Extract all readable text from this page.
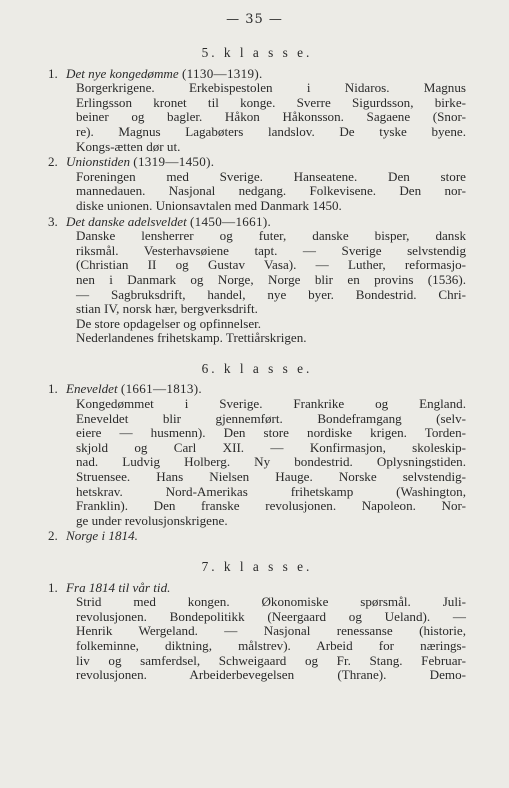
— 35 —
5. k l a s s e.
1. Det nye kongedømme (1130—1319).
Borgerkrigene. Erkebispestolen i Nidaros. Magnus
Erlingsson kronet til konge. Sverre Sigurdsson, birke-
beiner og bagler. Håkon Håkonsson. Sagaene (Snor-
re). Magnus Lagabøters landslov. De tyske byene.
Kongs-ætten dør ut.
2. Unionstiden (1319—1450).
Foreningen med Sverige. Hanseatene. Den store
mannedauen. Nasjonal nedgang. Folkevisene. Den nor-
diske unionen. Unionsavtalen med Danmark 1450.
3. Det danske adelsveldet (1450—1661).
Danske lensherrer og futer, danske bisper, dansk
riksmål. Vesterhavsøiene tapt. — Sverige selvstendig
(Christian II og Gustav Vasa). — Luther, reformasjo-
nen i Danmark og Norge, Norge blir en provins (1536).
— Sagbruksdrift, handel, nye byer. Bondestrid. Chri-
stian IV, norsk hær, bergverksdrift.
De store opdagelser og opfinnelser.
Nederlandenes frihetskamp. Trettiårskrigen.
6. k l a s s e.
1. Eneveldet (1661—1813).
Kongedømmet i Sverige. Frankrike og England.
Eneveldet blir gjennemført. Bondeframgang (selv-
eiere — husmenn). Den store nordiske krigen. Torden-
skjold og Carl XII. — Konfirmasjon, skoleskip-
nad. Ludvig Holberg. Ny bondestrid. Oplysningstiden.
Struensee. Hans Nielsen Hauge. Norske selvstendig-
hetskrav. Nord-Amerikas frihetskamp (Washington,
Franklin). Den franske revolusjonen. Napoleon. Nor-
ge under revolusjonskrigene.
2. Norge i 1814.
7. k l a s s e.
1. Fra 1814 til vår tid.
Strid med kongen. Økonomiske spørsmål. Juli-
revolusjonen. Bondepolitikk (Neergaard og Ueland). —
Henrik Wergeland. — Nasjonal renessanse (historie,
folkeminne, diktning, målstrev). Arbeid for nærings-
liv og samferdsel, Schweigaard og Fr. Stang. Februar-
revolusjonen. Arbeiderbevegelsen (Thrane). Demo-
